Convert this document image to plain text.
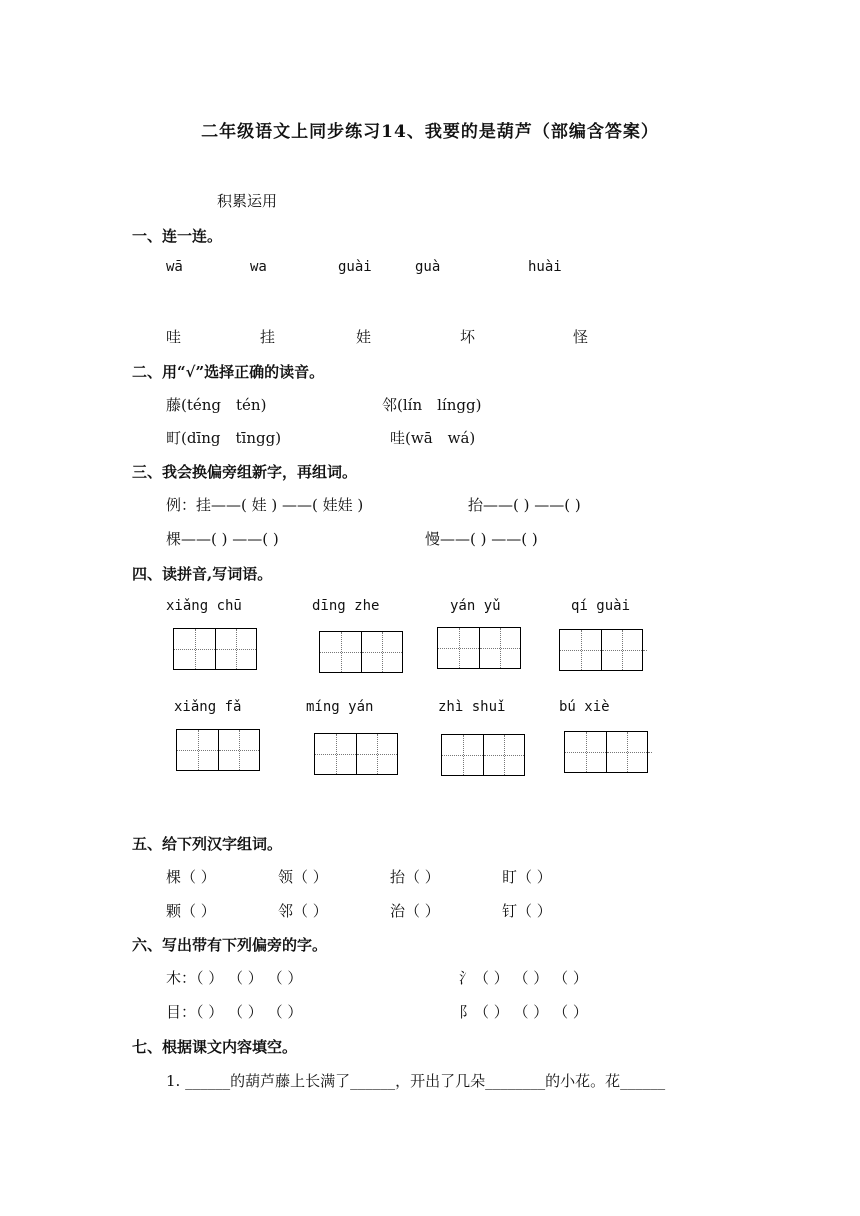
二年级语文上同步练习14、我要的是葫芦（部编含答案）
积累运用
一、连一连。
wā	wa	guài	guà	huài
哇	挂	娃	坏	怪
二、用“√”选择正确的读音。
藤(téng　tén)	邻(lín　língg)
町(dīng　tīngg)	哇(wā　wá)
三、我会换偏旁组新字，再组词。
例：挂——( 娃 ) ——( 娃娃 )	抬——( ) ——( )
棵——( ) ——( )	慢——( ) ——( )
四、读拼音,写词语。
xiǎng chū	dīng zhe	yán yǔ	qí guài
xiǎng fǎ	míng yán	zhì shuǐ	bú xiè
五、给下列汉字组词。
棵（ ）	领（ ）	抬（ ）	盯（ ）
颗（ ）	邻（ ）	治（ ）	钉（ ）
六、写出带有下列偏旁的字。
木：（ ） （ ） （ ）	氵（ ） （ ） （ ）
目：（ ） （ ） （ ）	阝（ ） （ ） （ ）
七、根据课文内容填空。
1. ______的葫芦藤上长满了______，开出了几朵________的小花。花______
